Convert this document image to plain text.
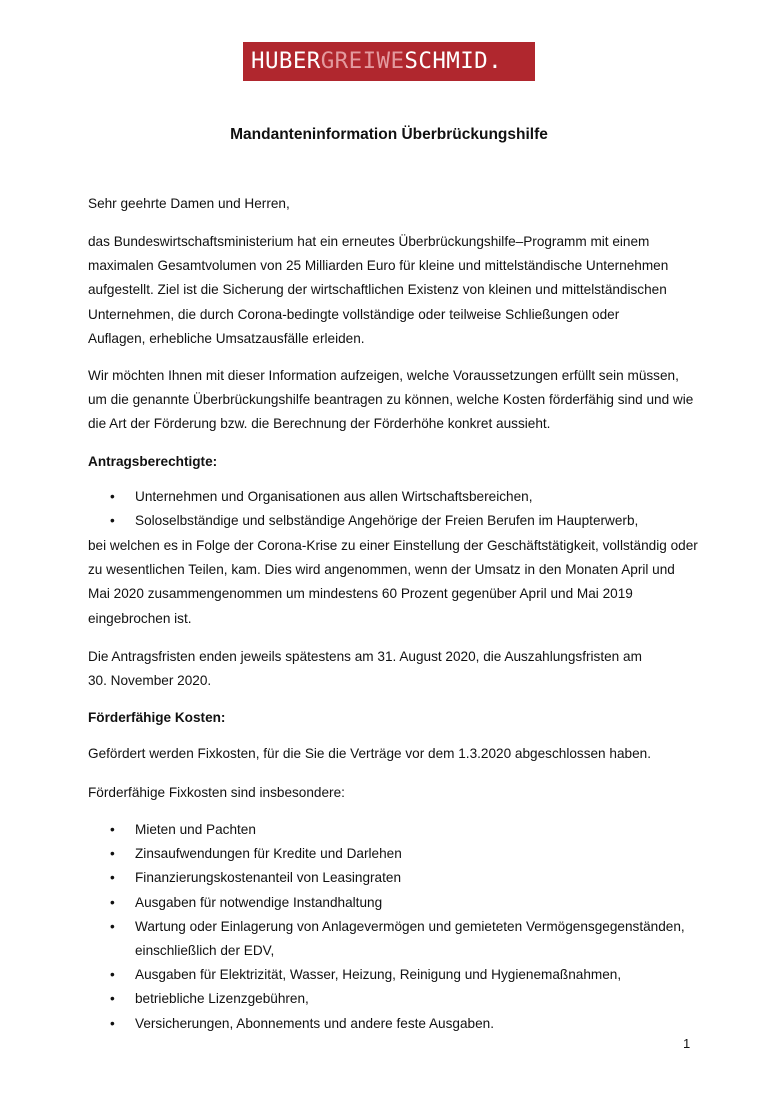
HUBERGREIWESCHMID.
Mandanteninformation Überbrückungshilfe

Sehr geehrte Damen und Herren,

das Bundeswirtschaftsministerium hat ein erneutes Überbrückungshilfe–Programm mit einem maximalen Gesamtvolumen von 25 Milliarden Euro für kleine und mittelständische Unternehmen aufgestellt. Ziel ist die Sicherung der wirtschaftlichen Existenz von kleinen und mittelständischen Unternehmen, die durch Corona-bedingte vollständige oder teilweise Schließungen oder Auflagen, erhebliche Umsatzausfälle erleiden.

Wir möchten Ihnen mit dieser Information aufzeigen, welche Voraussetzungen erfüllt sein müssen, um die genannte Überbrückungshilfe beantragen zu können, welche Kosten förderfähig sind und wie die Art der Förderung bzw. die Berechnung der Förderhöhe konkret aussieht.

Antragsberechtigte:

• Unternehmen und Organisationen aus allen Wirtschaftsbereichen,
• Soloselbständige und selbständige Angehörige der Freien Berufen im Haupterwerb,

bei welchen es in Folge der Corona-Krise zu einer Einstellung der Geschäftstätigkeit, vollständig oder zu wesentlichen Teilen, kam. Dies wird angenommen, wenn der Umsatz in den Monaten April und Mai 2020 zusammengenommen um mindestens 60 Prozent gegenüber April und Mai 2019 eingebrochen ist.

Die Antragsfristen enden jeweils spätestens am 31. August 2020, die Auszahlungsfristen am
30. November 2020.

Förderfähige Kosten:

Gefördert werden Fixkosten, für die Sie die Verträge vor dem 1.3.2020 abgeschlossen haben.

Förderfähige Fixkosten sind insbesondere:

• Mieten und Pachten
• Zinsaufwendungen für Kredite und Darlehen
• Finanzierungskostenanteil von Leasingraten
• Ausgaben für notwendige Instandhaltung
• Wartung oder Einlagerung von Anlagevermögen und gemieteten Vermögensgegenständen, einschließlich der EDV,
• Ausgaben für Elektrizität, Wasser, Heizung, Reinigung und Hygienemaßnahmen,
• betriebliche Lizenzgebühren,
• Versicherungen, Abonnements und andere feste Ausgaben.
1
